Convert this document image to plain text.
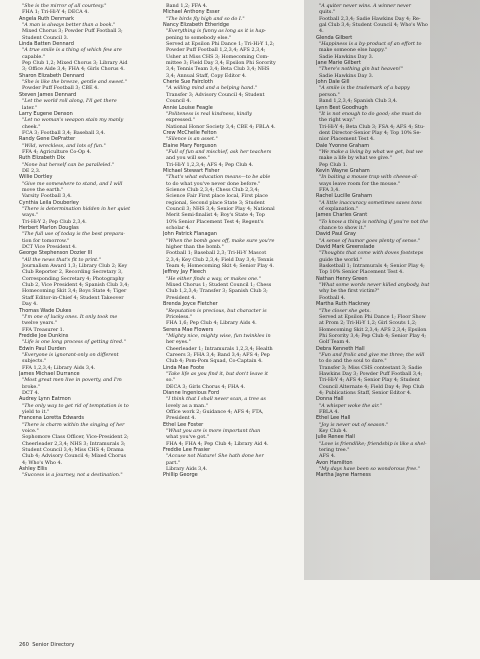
"She is the mirror of all courtesy."
FHA 1; Tri-Hi-Y 4; DECA 4.
Angela Ruth Denmark
"A man is always better than a book."
Mixed Chorus 3; Powder Puff Football 3;
Student Council 3.
Linda Batten Dennard
"A true smile is a thing of which few are
capable."
Pep Club 1,2; Mixed Chorus 3; Library Aid
3; Office Aide 3,4; FHA 4; Girls Chorus 4.
Sharon Elizabeth Dennard
"She is like the breeze, gentle and sweet."
Powder Puff Football 3; CBE 4.
Steven James Dennard
"Let the world roll along, I'll get there
later."
Larry Eugene Denson
"Let no woman's weapon stain my manly
cheek."
FCA 3; Football 3,4; Baseball 3,4.
Randy Gene DePratter
"Wild, wreckless, and lots of fun."
FFA 4; Agriculture Co-Op 4.
Ruth Elizabeth Dix
"None but herself can be paralleled."
DE 2,3.
Willie Dortley
"Give me somewhere to stand, and I will
move the earth."
Varsity Football 3,4.
Cynthia Leila Douberley
"There is determination hidden in her quiet
ways."
Tri-Hi-Y 2; Pep Club 2,3,4.
Herbert Marlon Douglas
"The full use of today is the best prepara-
tion for tomorrow."
DCT Vice President 4.
George Stephenson Dozier III
"All the news that's fit to print."
Journalism Award 1,3; Library Club 2; Key
Club Reporter 2, Recording Secretary 3,
Corresponding Secretary 4; Photography
Club 2, Vice President 4; Spanish Club 3,4;
Homecoming Skit 3,4; Boys State 4; Tiger
Staff Editor-in-Chief 4; Student Takeover
Day 4.
Thomas Wade Dukes
"I'm one of lucky ones. It only took me
twelve years."
FFA Treasurer 1.
Freddie Joe Dunkins
"Life is one long process of getting tired."
Edwin Paul Durden
"Everyone is ignorant-only on different
subjects."
FFA 1,2,3,4; Library Aids 3,4.
James Michael Durrance
"Most great men live in poverty, and I'm
broke."
DCT 4.
Audrey Lynn Eatmon
"The only way to get rid of temptation is to
yield to it."
Francena Loretta Edwards
"There is charm within the singing of her
voice."
Sophomore Class Officer, Vice-President 2;
Cheerleader 2,3,4; NHS 3; Intramurals 3;
Student Council 3,4; Miss CHS 4; Drama
Club 4; Advisory Council 4; Mixed Chorus
4; Who's Who 4.
Ashley Ellis
"Success is a journey, not a destination."
Band 1,2; FFA 4.
Michael Anthony Esser
"The birds fly high and so do I."
Nancy Elizabeth Etheridge
"Everything is funny as long as it is hap-
pening to somebody else."
Served at Epsilon Phi Dance 1; Tri-Hi-Y 1,2;
Powder Puff Football 1,2,3,4; AFS 2,3,4;
Usher at Miss CHS 3; Homecoming Com-
mittee 3; Field Day 3,4; Epsilon Phi Sorority
3,4; Tennis Team 3,4; Beta Club 3,4; NHS
3,4; Annual Staff, Copy Editor 4.
Cherie Sue Faircloth
"A willing mind and a helping hand."
Transfer 3; Advisory Council 4; Student
Council 4.
Annie Louise Feagle
"Politeness is real kindness, kindly
expressed."
National Honor Society 3,4; CBE 4; FBLA 4.
Crew McChelle Felton
"Silence is an asset."
Elaine Mary Ferguson
"Full of fun and mischief, ask her teachers
and you will see."
Tri-Hi-Y 1,2,3,4; AFS 4; Pep Club 4.
Michael Stewart Fisher
"That's what education means—to be able
to do what you've never done before."
Science Club 2,3,4; Chess Club 2,3,4;
Science Fair First place local, First place
regional, Second place State 3; Student
Council 3; NHS 3,4; Senior Play 4; National
Merit Semi-finalist 4; Boy's State 4; Top
10% Senior Placement Test 4; Regent's
scholar 4.
John Patrick Flanagan
"When the bomb goes off, make sure you're
higher than the bomb."
Football 1; Baseball 2,3; Tri-Hi-Y Mascot
2,3,4; Key Club 2,3,4; Field Day 3,4; Tennis
Team 4; Homecoming Skit 4; Senior Play 4.
Jeffrey Jay Fleech
"He either finds a way, or makes one."
Mixed Chorus 1; Student Council 1; Chess
Club 1,2,3,4; Transfer 3; Spanish Club 3;
President 4.
Brenda Joyce Fletcher
"Reputation is precious, but character is
Priceless."
FHA 1,6; Pep Club 4; Library Aids 4.
Serena Mae Flowers
"Mighty nice, mighty wise, fun twinkles in
her eyes."
Cheerleader 1; Intramurals 1,2,3,4; Health
Careers 3; FHA 3,4; Band 3,4; AFS 4; Pep
Club 4; Pom-Pom Squad, Co-Captain 4.
Linda Mae Foote
"Take life as you find it, but don't leave it
so."
DECA 3; Girls Chorus 4; FHA 4.
Dianne Ingenious Ford
"I think that I shall never scan, a tree as
lovely as a man."
Office work 2; Guidance 4; AFS 4; FTA,
President 4.
Ethel Lee Foster
"What you are is more important than
what you've got."
FHA 4; FHA 4; Pep Club 4; Library Aid 4.
Freddie Lee Frasier
"Accuse not Nature! She hath done her
part."
Library Aids 3,4.
Phillip George
"A quiter never wins. A winner never
quits."
Football 2,3,4; Sadie Hawkins Day 4; Re-
gal Club 3,4; Student Council 4; Who's Who
4.
Glenda Gilbert
"Happiness is a by-product of an effort to
make someone else happy."
Sadie Hawkins Day 3.
Jane Marie Gilbert
"There's nothing gin but heaven!"
Sadie Hawkins Day 3.
John Dale Gill
"A smile is the trademark of a happy
person."
Band 1,2,3,4; Spanish Club 3,4.
Lynn Best Goodhugh
"It is not enough to do good; she must do
the right way."
Tri-Hi-Y 4; Beta Club 3; FSA 4; AFS 4; Stu-
dent Director-Senior Play 4; Top 10% Se-
nior Placement Test 4.
Dale Yvonne Graham
"We make a living by what we get, but we
make a life by what we give."
Pep Club 1.
Kevin Wayne Graham
"In baiting a mouse trap with cheese-al-
ways leave room for the mouse."
FFA 3,4.
Rachel Lucille Graham
"A little inaccuracy sometimes saves tons
of explanation."
James Charles Grant
"To know a thing is nothing if you're not the
chance to show it."
David Paul Gray
"A sense of humor goes plenty of sense."
David Mark Greenslade
"Thoughts that come with doves footsteps
guide the world."
Basketball 1; Intramurals 4; Senior Play 4;
Top 10% Senior Placement Test 4.
Nathan Henry Green
"What some words never killed anybody, but
why be the first victim?"
Football 4.
Martha Ruth Hackney
"The closer she gets.
Served at Epsilon Phi Dance 1; Floor Show
at Prom 2; Tri-Hi-Y 1,2; Girl Scouts 1,2;
Homecoming Skit 2,3,4; AFS 2,3,4; Epsilon
Phi Sorority 3,4; Pep Club 4; Senior Play 4;
Golf Team 4.
Debra Kenneth Hall
"Fun and frolic and give me three; the will
to do and the soul to dare."
Transfer 3; Miss CHS contestant 3; Sadie
Hawkins Day 3; Powder Puff Football 3,4;
Tri-Hi-Y 4; AFS 4; Senior Play 4; Student
Council Alternate 4; Field Day 4; Pep Club
4; Publications Staff, Senior Editor 4.
Donna Hall
"A whisper woke the air."
FBLA 4.
Ethel Lee Hall
"Joy is never out of season."
Key Club 4.
Julie Renee Hall
"Love is friendlike; friendship is like a shel-
tering tree."
AFS 4.
Avon Hamilton
"My days have been so wondorous free."
Martha Jayne Harness
260 Senior Directory
